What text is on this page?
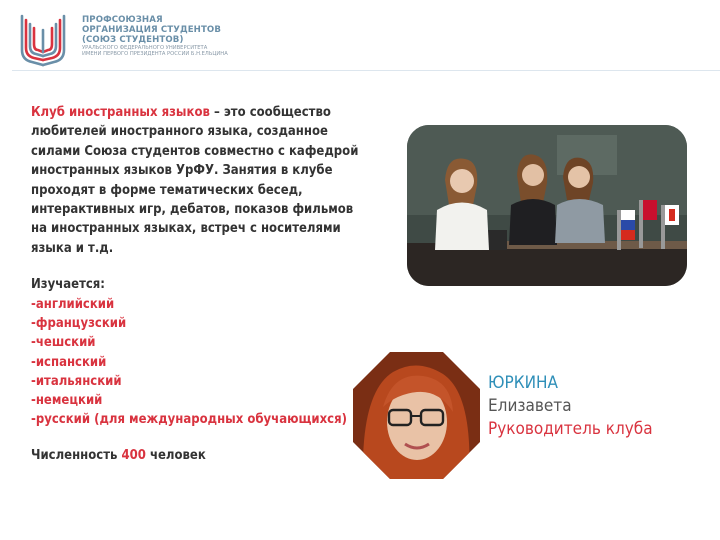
ПРОФСОЮЗНАЯ
ОРГАНИЗАЦИЯ СТУДЕНТОВ
(СОЮЗ СТУДЕНТОВ)
УРАЛЬСКОГО ФЕДЕРАЛЬНОГО УНИВЕРСИТЕТА
ИМЕНИ ПЕРВОГО ПРЕЗИДЕНТА РОССИИ Б.Н.ЕЛЬЦИНА

Клуб иностранных языков – это сообщество любителей иностранного языка, созданное силами Союза студентов совместно с кафедрой иностранных языков УрФУ. Занятия в клубе проходят в форме тематических бесед, интерактивных игр, дебатов, показов фильмов на иностранных языках, встреч с носителями языка и т.д.

Изучается:

-английский
-французский
-чешский
-испанский
-итальянский
-немецкий
-русский (для международных обучающихся)

Численность 400 человек

ЮРКИНА
Елизавета
Руководитель клуба
